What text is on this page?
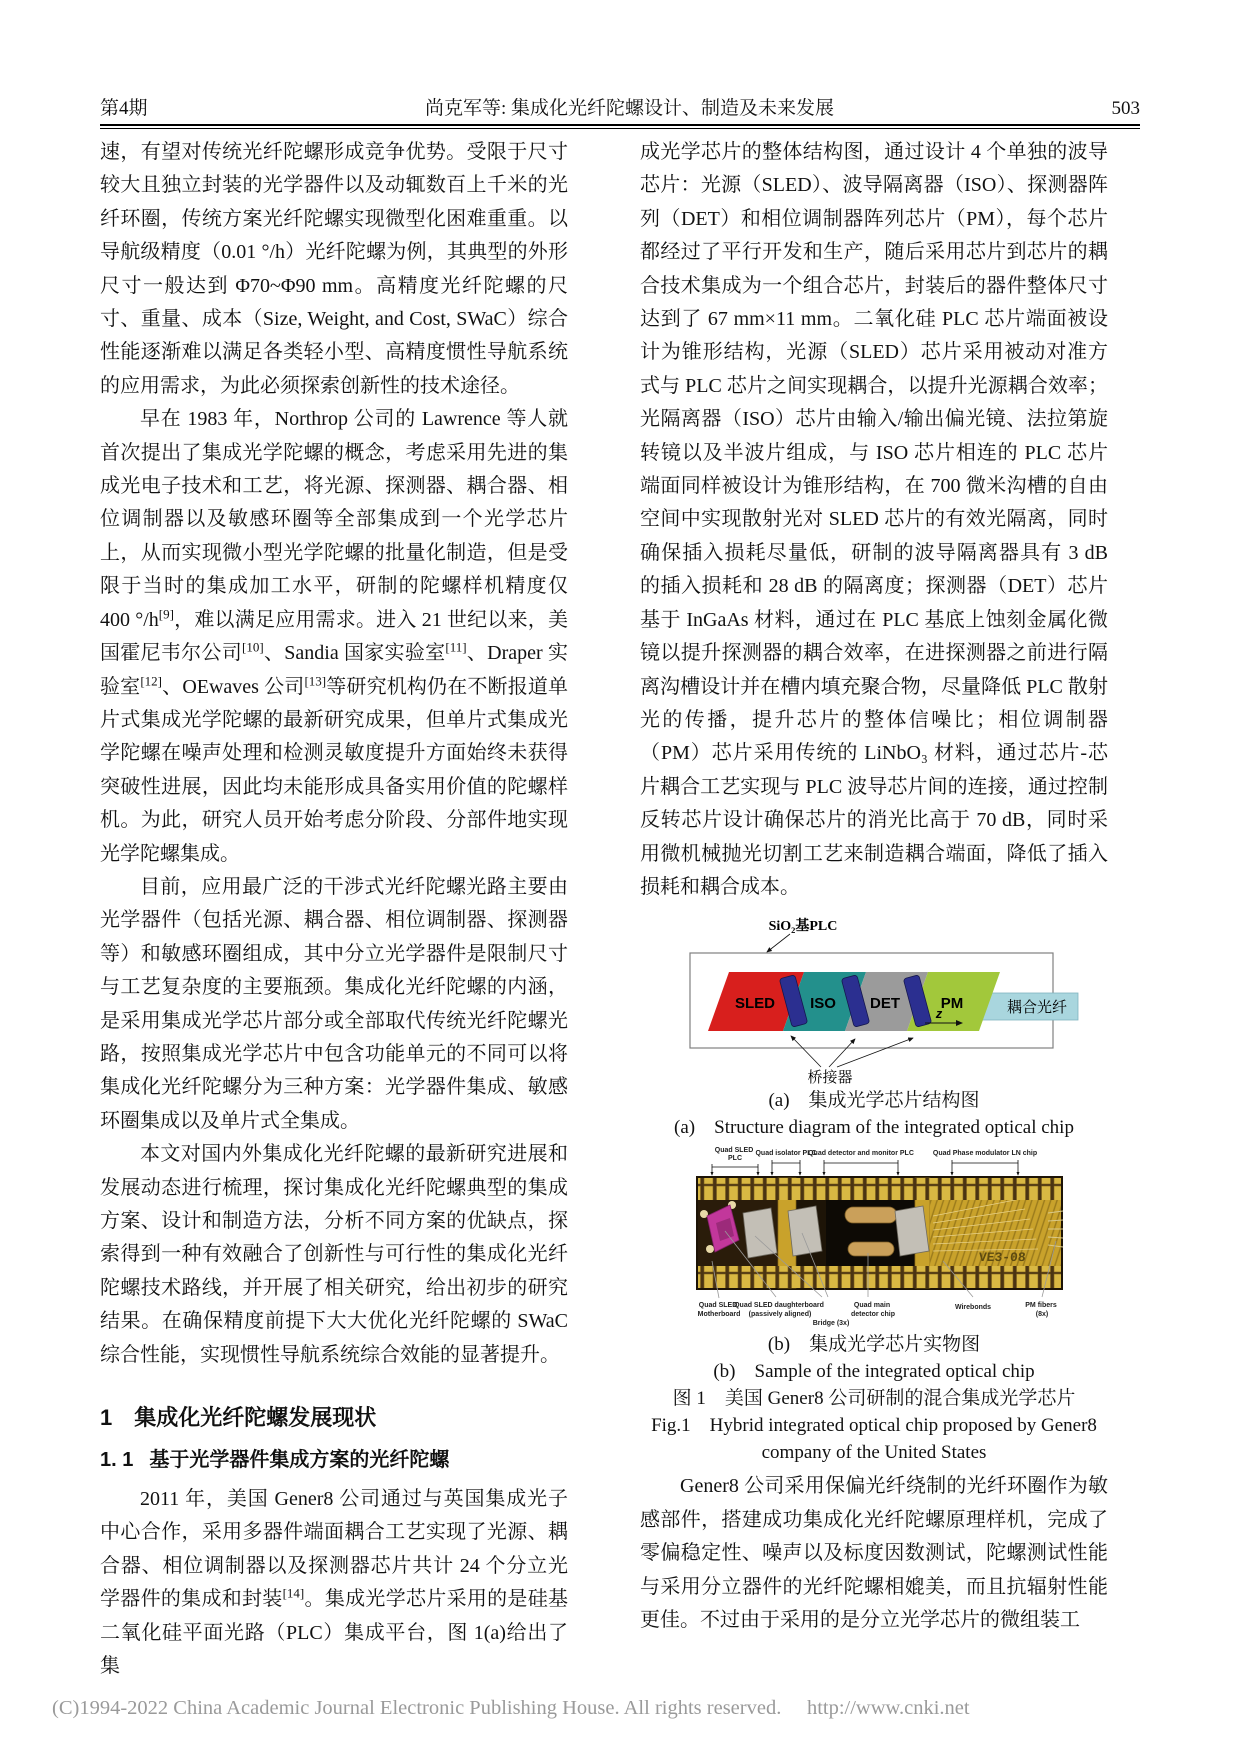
第4期	尚克军等: 集成化光纤陀螺设计、制造及未来发展	503

速，有望对传统光纤陀螺形成竞争优势。受限于尺寸较大且独立封装的光学器件以及动辄数百上千米的光纤环圈，传统方案光纤陀螺实现微型化困难重重。以导航级精度（0.01 °/h）光纤陀螺为例，其典型的外形尺寸一般达到 Φ70~Φ90 mm。高精度光纤陀螺的尺寸、重量、成本（Size, Weight, and Cost, SWaC）综合性能逐渐难以满足各类轻小型、高精度惯性导航系统的应用需求，为此必须探索创新性的技术途径。

早在 1983 年，Northrop 公司的 Lawrence 等人就首次提出了集成光学陀螺的概念，考虑采用先进的集成光电子技术和工艺，将光源、探测器、耦合器、相位调制器以及敏感环圈等全部集成到一个光学芯片上，从而实现微小型光学陀螺的批量化制造，但是受限于当时的集成加工水平，研制的陀螺样机精度仅400 °/h[9]，难以满足应用需求。进入 21 世纪以来，美国霍尼韦尔公司[10]、Sandia 国家实验室[11]、Draper 实验室[12]、OEwaves 公司[13]等研究机构仍在不断报道单片式集成光学陀螺的最新研究成果，但单片式集成光学陀螺在噪声处理和检测灵敏度提升方面始终未获得突破性进展，因此均未能形成具备实用价值的陀螺样机。为此，研究人员开始考虑分阶段、分部件地实现光学陀螺集成。

目前，应用最广泛的干涉式光纤陀螺光路主要由光学器件（包括光源、耦合器、相位调制器、探测器等）和敏感环圈组成，其中分立光学器件是限制尺寸与工艺复杂度的主要瓶颈。集成化光纤陀螺的内涵，是采用集成光学芯片部分或全部取代传统光纤陀螺光路，按照集成光学芯片中包含功能单元的不同可以将集成化光纤陀螺分为三种方案：光学器件集成、敏感环圈集成以及单片式全集成。

本文对国内外集成化光纤陀螺的最新研究进展和发展动态进行梳理，探讨集成化光纤陀螺典型的集成方案、设计和制造方法，分析不同方案的优缺点，探索得到一种有效融合了创新性与可行性的集成化光纤陀螺技术路线，并开展了相关研究，给出初步的研究结果。在确保精度前提下大大优化光纤陀螺的 SWaC 综合性能，实现惯性导航系统综合效能的显著提升。

1 集成化光纤陀螺发展现状
1. 1 基于光学器件集成方案的光纤陀螺

2011 年，美国 Gener8 公司通过与英国集成光子中心合作，采用多器件端面耦合工艺实现了光源、耦合器、相位调制器以及探测器芯片共计 24 个分立光学器件的集成和封装[14]。集成光学芯片采用的是硅基二氧化硅平面光路（PLC）集成平台，图 1(a)给出了集

成光学芯片的整体结构图，通过设计 4 个单独的波导芯片：光源（SLED）、波导隔离器（ISO）、探测器阵列（DET）和相位调制器阵列芯片（PM），每个芯片都经过了平行开发和生产，随后采用芯片到芯片的耦合技术集成为一个组合芯片，封装后的器件整体尺寸达到了 67 mm×11 mm。二氧化硅 PLC 芯片端面被设计为锥形结构，光源（SLED）芯片采用被动对准方式与 PLC 芯片之间实现耦合，以提升光源耦合效率；光隔离器（ISO）芯片由输入/输出偏光镜、法拉第旋转镜以及半波片组成，与 ISO 芯片相连的 PLC 芯片端面同样被设计为锥形结构，在 700 微米沟槽的自由空间中实现散射光对 SLED 芯片的有效光隔离，同时确保插入损耗尽量低，研制的波导隔离器具有 3 dB 的插入损耗和 28 dB 的隔离度；探测器（DET）芯片基于 InGaAs 材料，通过在 PLC 基底上蚀刻金属化微镜以提升探测器的耦合效率，在进探测器之前进行隔离沟槽设计并在槽内填充聚合物，尽量降低 PLC 散射光的传播，提升芯片的整体信噪比；相位调制器（PM）芯片采用传统的 LiNbO₃ 材料，通过芯片-芯片耦合工艺实现与 PLC 波导芯片间的连接，通过控制反转芯片设计确保芯片的消光比高于 70 dB，同时采用微机械抛光切割工艺来制造耦合端面，降低了插入损耗和耦合成本。

SiO₂基PLC
耦合光纤
SLED ISO DET	PM
z
桥接器
(a)　集成光学芯片结构图
(a)　Structure diagram of the integrated optical chip
Quad SLED PLC
Quad isolator PLC
Quad detector and monitor PLC	Quad Phase modulator LN chip
VE3-08
Quad SLED Motherboard
Quad SLED daughterboard (passively aligned)
Bridge (3x)
Quad main detector chip
Wirebonds	PM fibers (8x)
(b)　集成光学芯片实物图
(b)　Sample of the integrated optical chip
图 1　美国 Gener8 公司研制的混合集成光学芯片
Fig.1　Hybrid integrated optical chip proposed by Gener8
company of the United States

Gener8 公司采用保偏光纤绕制的光纤环圈作为敏感部件，搭建成功集成化光纤陀螺原理样机，完成了零偏稳定性、噪声以及标度因数测试，陀螺测试性能与采用分立器件的光纤陀螺相媲美，而且抗辐射性能更佳。不过由于采用的是分立光学芯片的微组装工

(C)1994-2022 China Academic Journal Electronic Publishing House. All rights reserved.　 http://www.cnki.net
